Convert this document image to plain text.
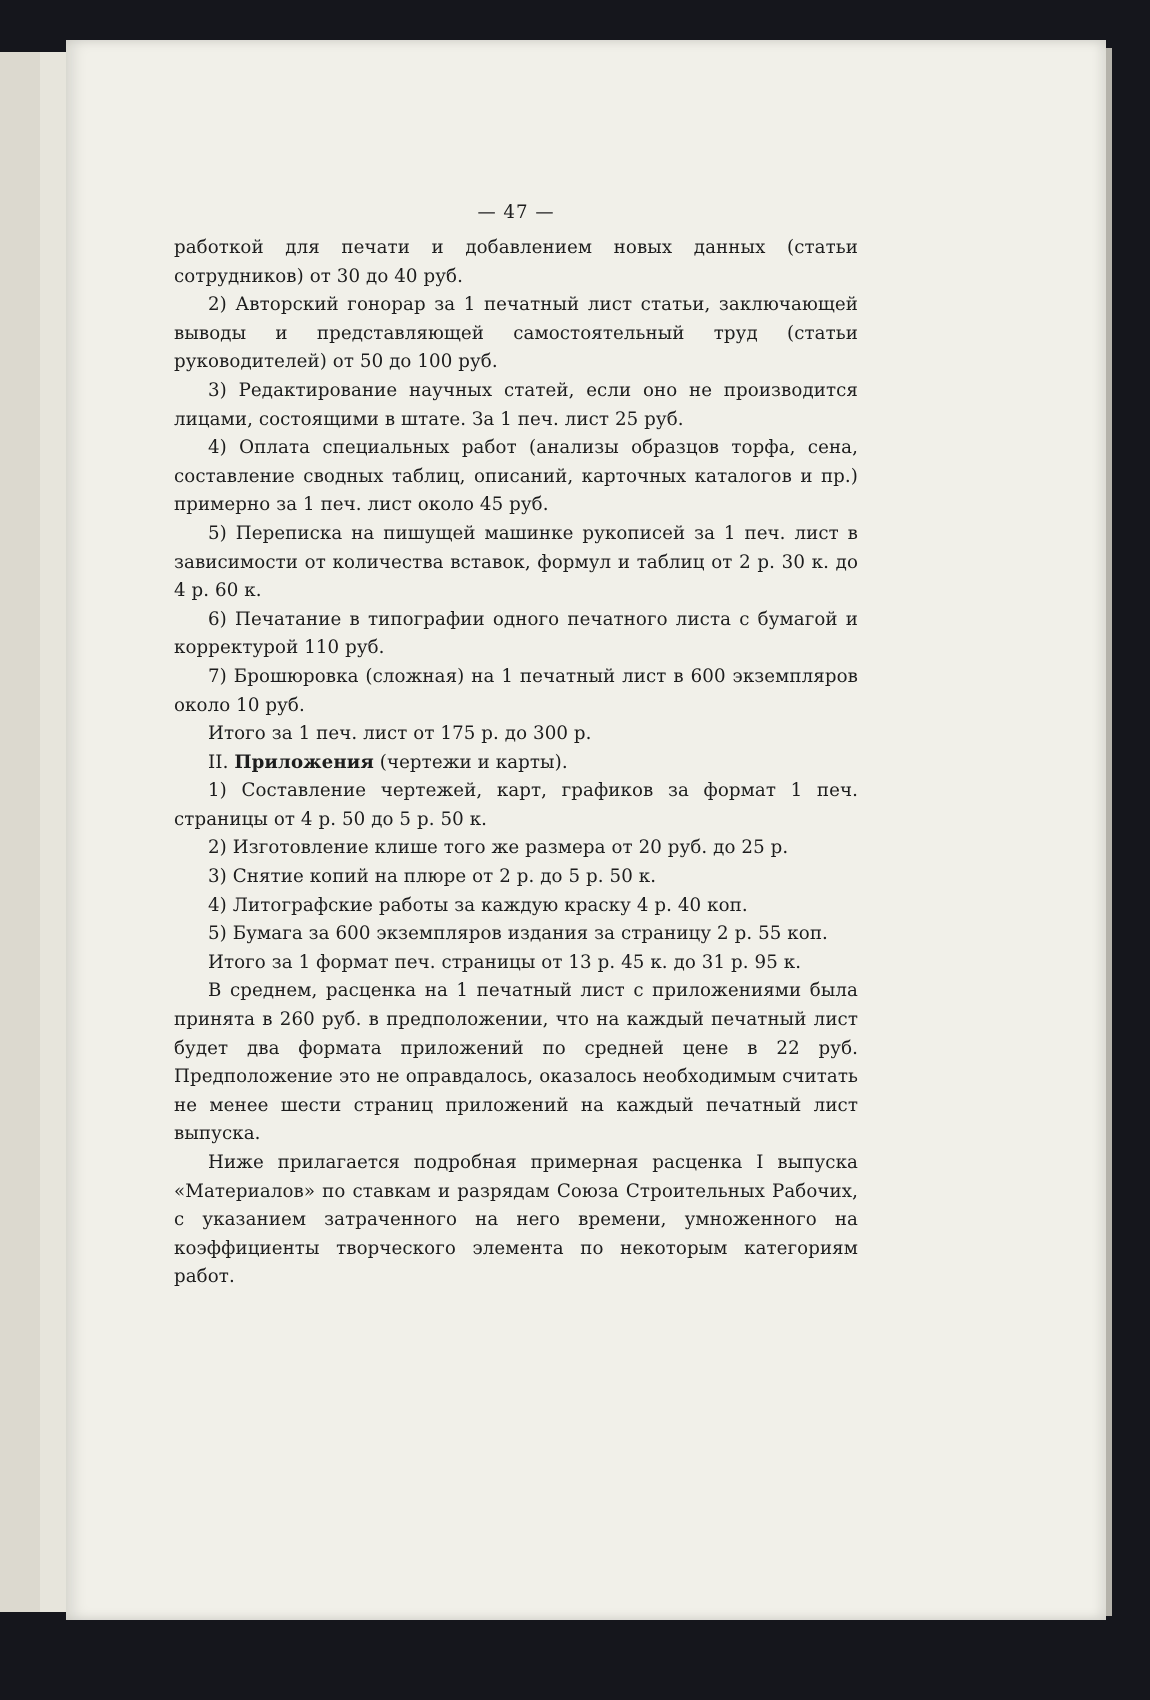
— 47 —

работкой для печати и добавлением новых данных (статьи сотрудников) от 30 до 40 руб.

2) Авторский гонорар за 1 печатный лист статьи, заключающей выводы и представляющей самостоятельный труд (статьи руководителей) от 50 до 100 руб.

3) Редактирование научных статей, если оно не производится лицами, состоящими в штате. За 1 печ. лист 25 руб.

4) Оплата специальных работ (анализы образцов торфа, сена, составление сводных таблиц, описаний, карточных каталогов и пр.) примерно за 1 печ. лист около 45 руб.

5) Переписка на пишущей машинке рукописей за 1 печ. лист в зависимости от количества вставок, формул и таблиц от 2 р. 30 к. до 4 р. 60 к.

6) Печатание в типографии одного печатного листа с бумагой и корректурой 110 руб.

7) Брошюровка (сложная) на 1 печатный лист в 600 экземпляров около 10 руб.

Итого за 1 печ. лист от 175 р. до 300 р.

II. Приложения (чертежи и карты).

1) Составление чертежей, карт, графиков за формат 1 печ. страницы от 4 р. 50 до 5 р. 50 к.

2) Изготовление клише того же размера от 20 руб. до 25 р.

3) Снятие копий на плюре от 2 р. до 5 р. 50 к.

4) Литографские работы за каждую краску 4 р. 40 коп.

5) Бумага за 600 экземпляров издания за страницу 2 р. 55 коп.

Итого за 1 формат печ. страницы от 13 р. 45 к. до 31 р. 95 к.

В среднем, расценка на 1 печатный лист с приложениями была принята в 260 руб. в предположении, что на каждый печатный лист будет два формата приложений по средней цене в 22 руб. Предположение это не оправдалось, оказалось необходимым считать не менее шести страниц приложений на каждый печатный лист выпуска.

Ниже прилагается подробная примерная расценка I выпуска «Материалов» по ставкам и разрядам Союза Строительных Рабочих, с указанием затраченного на него времени, умноженного на коэффициенты творческого элемента по некоторым категориям работ.
